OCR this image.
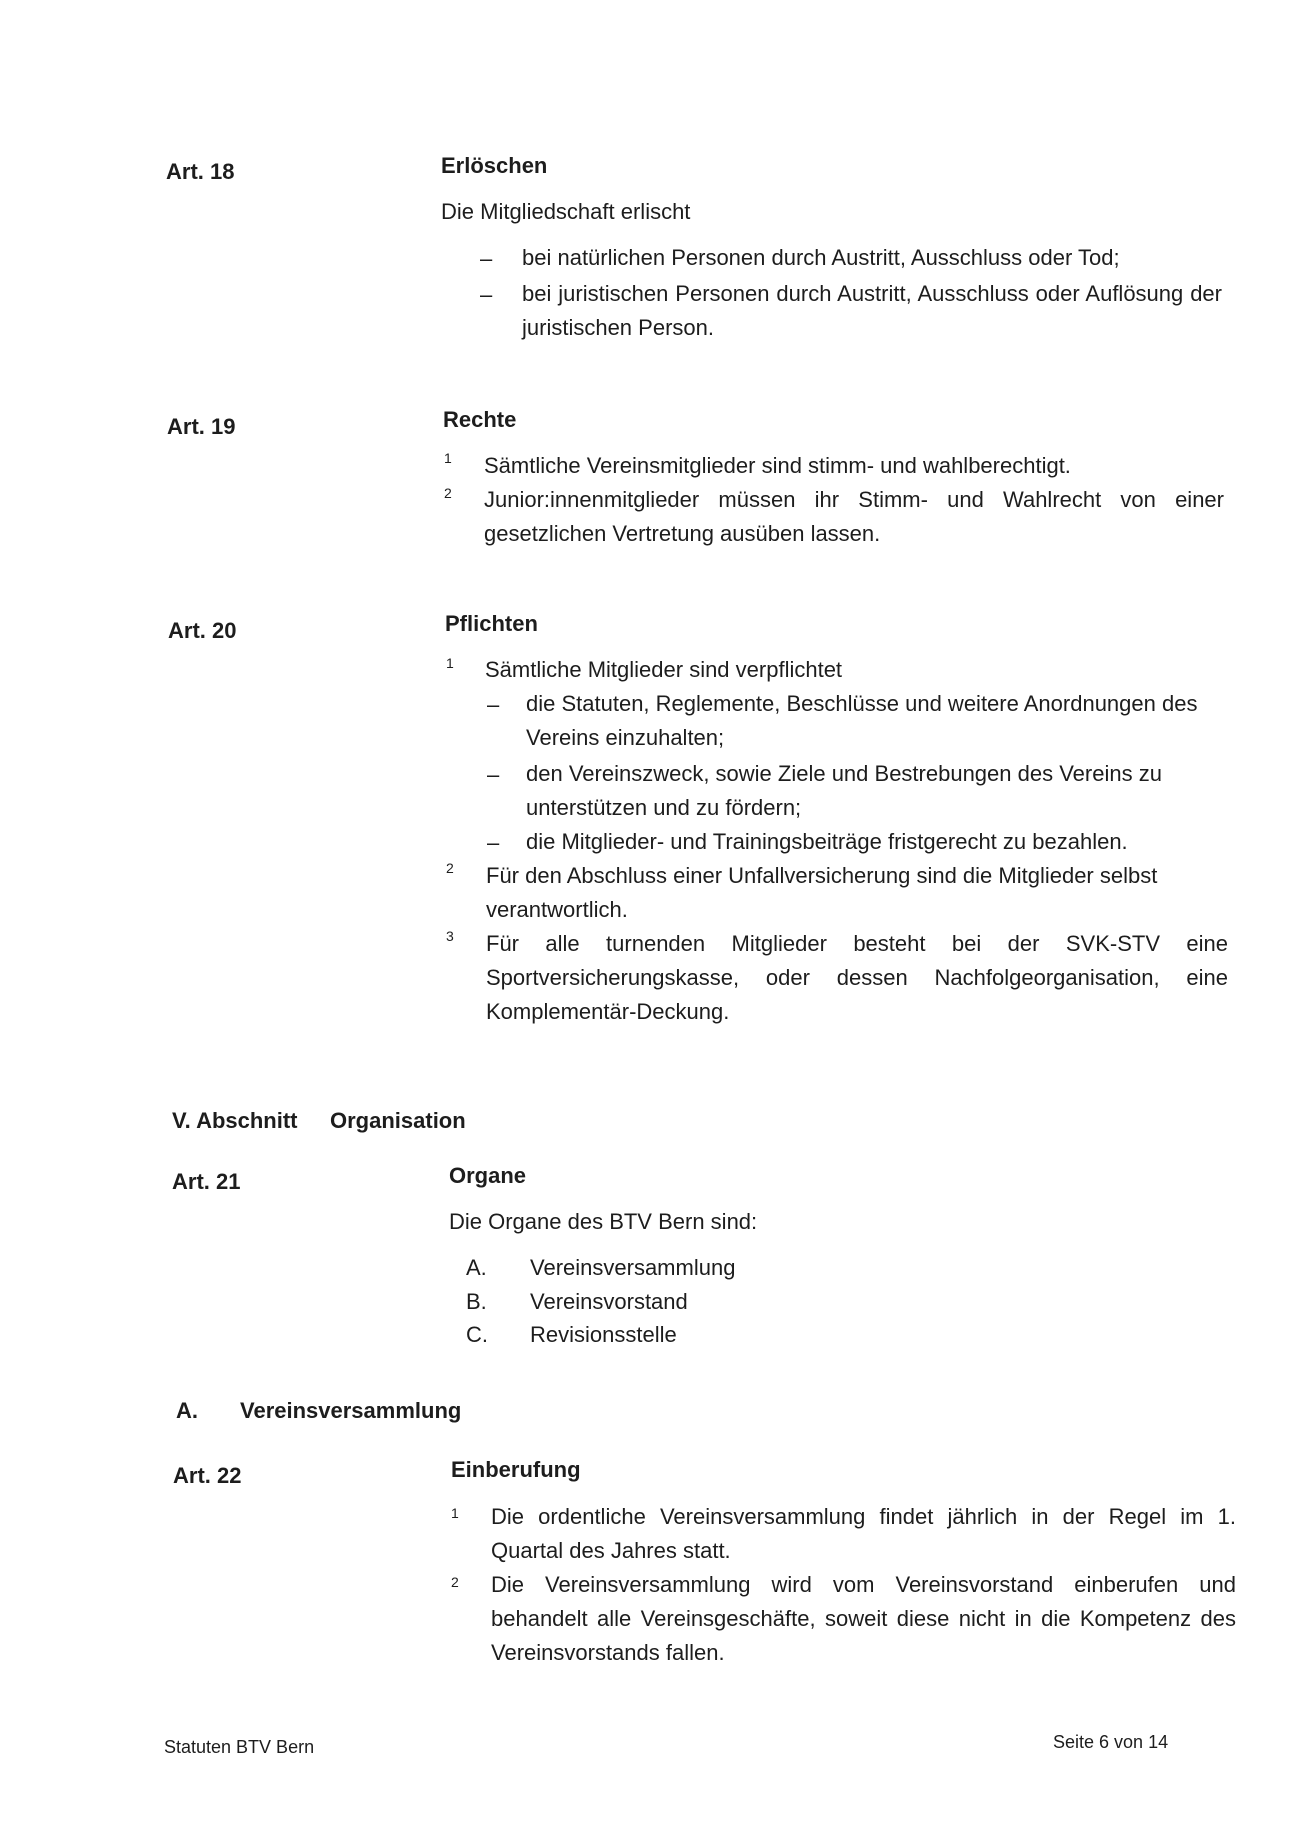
Art. 18	Erlöschen
Die Mitgliedschaft erlischt
– bei natürlichen Personen durch Austritt, Ausschluss oder Tod;
– bei juristischen Personen durch Austritt, Ausschluss oder Auflösung der juristischen Person.
Art. 19	Rechte
1 Sämtliche Vereinsmitglieder sind stimm- und wahlberechtigt.
2 Junior:innenmitglieder müssen ihr Stimm- und Wahlrecht von einer gesetzlichen Vertretung ausüben lassen.
Art. 20	Pflichten
1 Sämtliche Mitglieder sind verpflichtet
– die Statuten, Reglemente, Beschlüsse und weitere Anordnungen des Vereins einzuhalten;
– den Vereinszweck, sowie Ziele und Bestrebungen des Vereins zu unterstützen und zu fördern;
– die Mitglieder- und Trainingsbeiträge fristgerecht zu bezahlen.
2 Für den Abschluss einer Unfallversicherung sind die Mitglieder selbst verantwortlich.
3 Für alle turnenden Mitglieder besteht bei der SVK-STV eine Sportversicherungskasse, oder dessen Nachfolgeorganisation, eine Komplementär-Deckung.
V. Abschnitt Organisation
Art. 21	Organe
Die Organe des BTV Bern sind:
A. Vereinsversammlung
B. Vereinsvorstand
C. Revisionsstelle
A. Vereinsversammlung
Art. 22	Einberufung
1 Die ordentliche Vereinsversammlung findet jährlich in der Regel im 1. Quartal des Jahres statt.
2 Die Vereinsversammlung wird vom Vereinsvorstand einberufen und behandelt alle Vereinsgeschäfte, soweit diese nicht in die Kompetenz des Vereinsvorstands fallen.
Statuten BTV Bern	Seite 6 von 14
